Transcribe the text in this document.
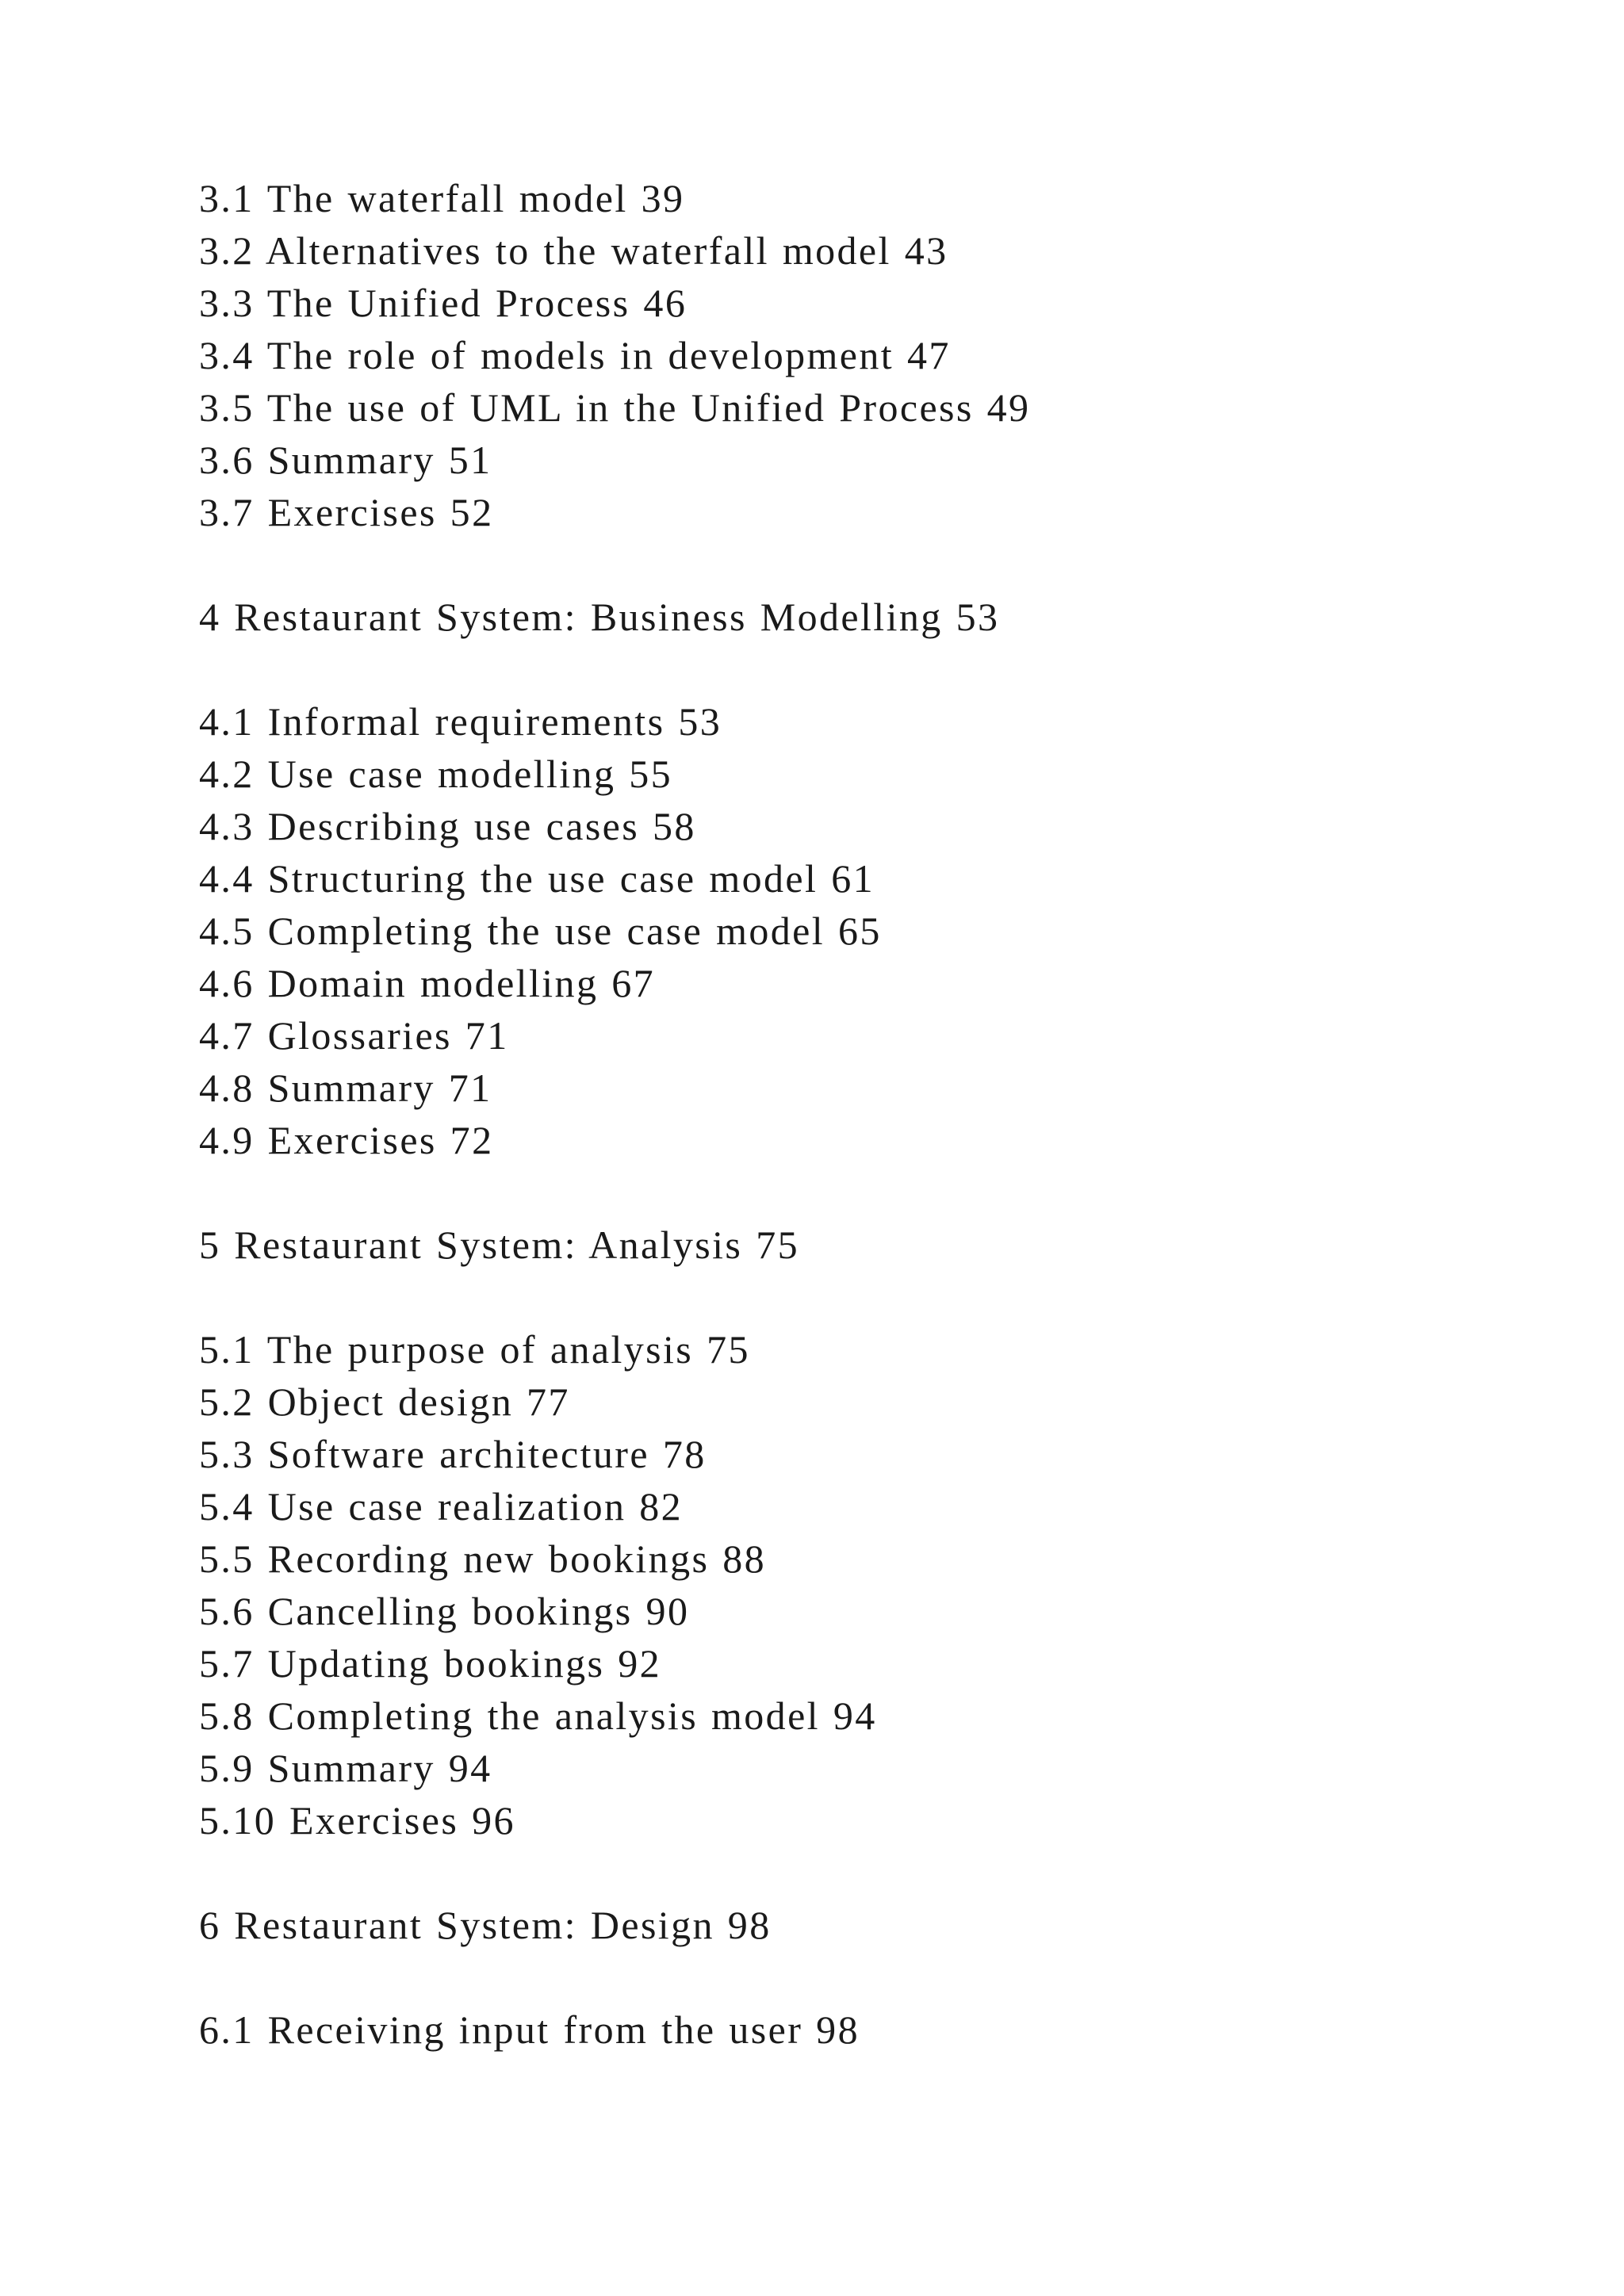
3.1 The waterfall model 39
3.2 Alternatives to the waterfall model 43
3.3 The Unified Process 46
3.4 The role of models in development 47
3.5 The use of UML in the Unified Process 49
3.6 Summary 51
3.7 Exercises 52
4 Restaurant System: Business Modelling 53
4.1 Informal requirements 53
4.2 Use case modelling 55
4.3 Describing use cases 58
4.4 Structuring the use case model 61
4.5 Completing the use case model 65
4.6 Domain modelling 67
4.7 Glossaries 71
4.8 Summary 71
4.9 Exercises 72
5 Restaurant System: Analysis 75
5.1 The purpose of analysis 75
5.2 Object design 77
5.3 Software architecture 78
5.4 Use case realization 82
5.5 Recording new bookings 88
5.6 Cancelling bookings 90
5.7 Updating bookings 92
5.8 Completing the analysis model 94
5.9 Summary 94
5.10 Exercises 96
6 Restaurant System: Design 98
6.1 Receiving input from the user 98
